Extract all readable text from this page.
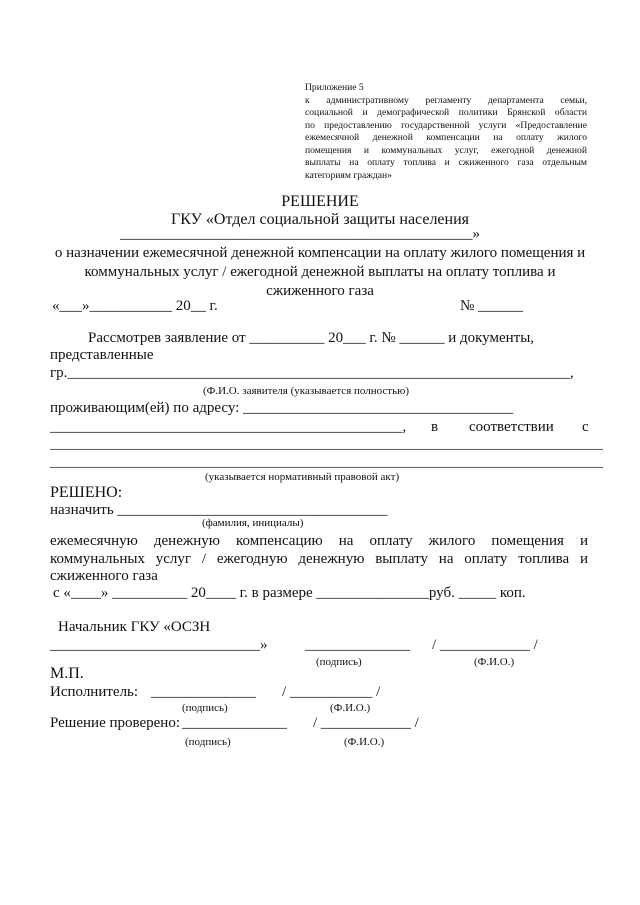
Приложение 5
к административному регламенту департамента семьи,
социальной и демографической политики Брянской области
по предоставлению государственной услуги «Предоставление
ежемесячной денежной компенсации на оплату жилого
помещения и коммунальных услуг, ежегодной денежной
выплаты на оплату топлива и сжиженного газа отдельным
категориям граждан»
РЕШЕНИЕ
ГКУ «Отдел социальной защиты населения
_______________________________________________»
о назначении ежемесячной денежной компенсации на оплату жилого помещения и
коммунальных услуг / ежегодной денежной выплаты на оплату топлива и
сжиженного газа
«___»___________ 20__ г.	№ ______
Рассмотрев заявление от __________ 20___ г. № ______ и документы,
представленные
гр.___________________________________________________________________,
(Ф.И.О. заявителя (указывается полностью)
проживающим(ей) по адресу: ____________________________________
_______________________________________________, в соответствии с
_______________________________________________________________________________
_______________________________________________________________________________
(указывается нормативный правовой акт)
РЕШЕНО:
назначить ____________________________________
(фамилия, инициалы)
ежемесячную денежную компенсацию на оплату жилого помещения и
коммунальных услуг / ежегодную денежную выплату на оплату топлива и
сжиженного газа
с «____» __________ 20____ г. в размере _______________руб. _____ коп.
Начальник ГКУ «ОСЗН
____________________________»	______________
(подпись)
/ ____________ /
(Ф.И.О.)
М.П.
Исполнитель: ______________
(подпись)
/ ___________ /
(Ф.И.О.)
Решение проверено: ______________
(подпись)
/ ____________ /
(Ф.И.О.)
